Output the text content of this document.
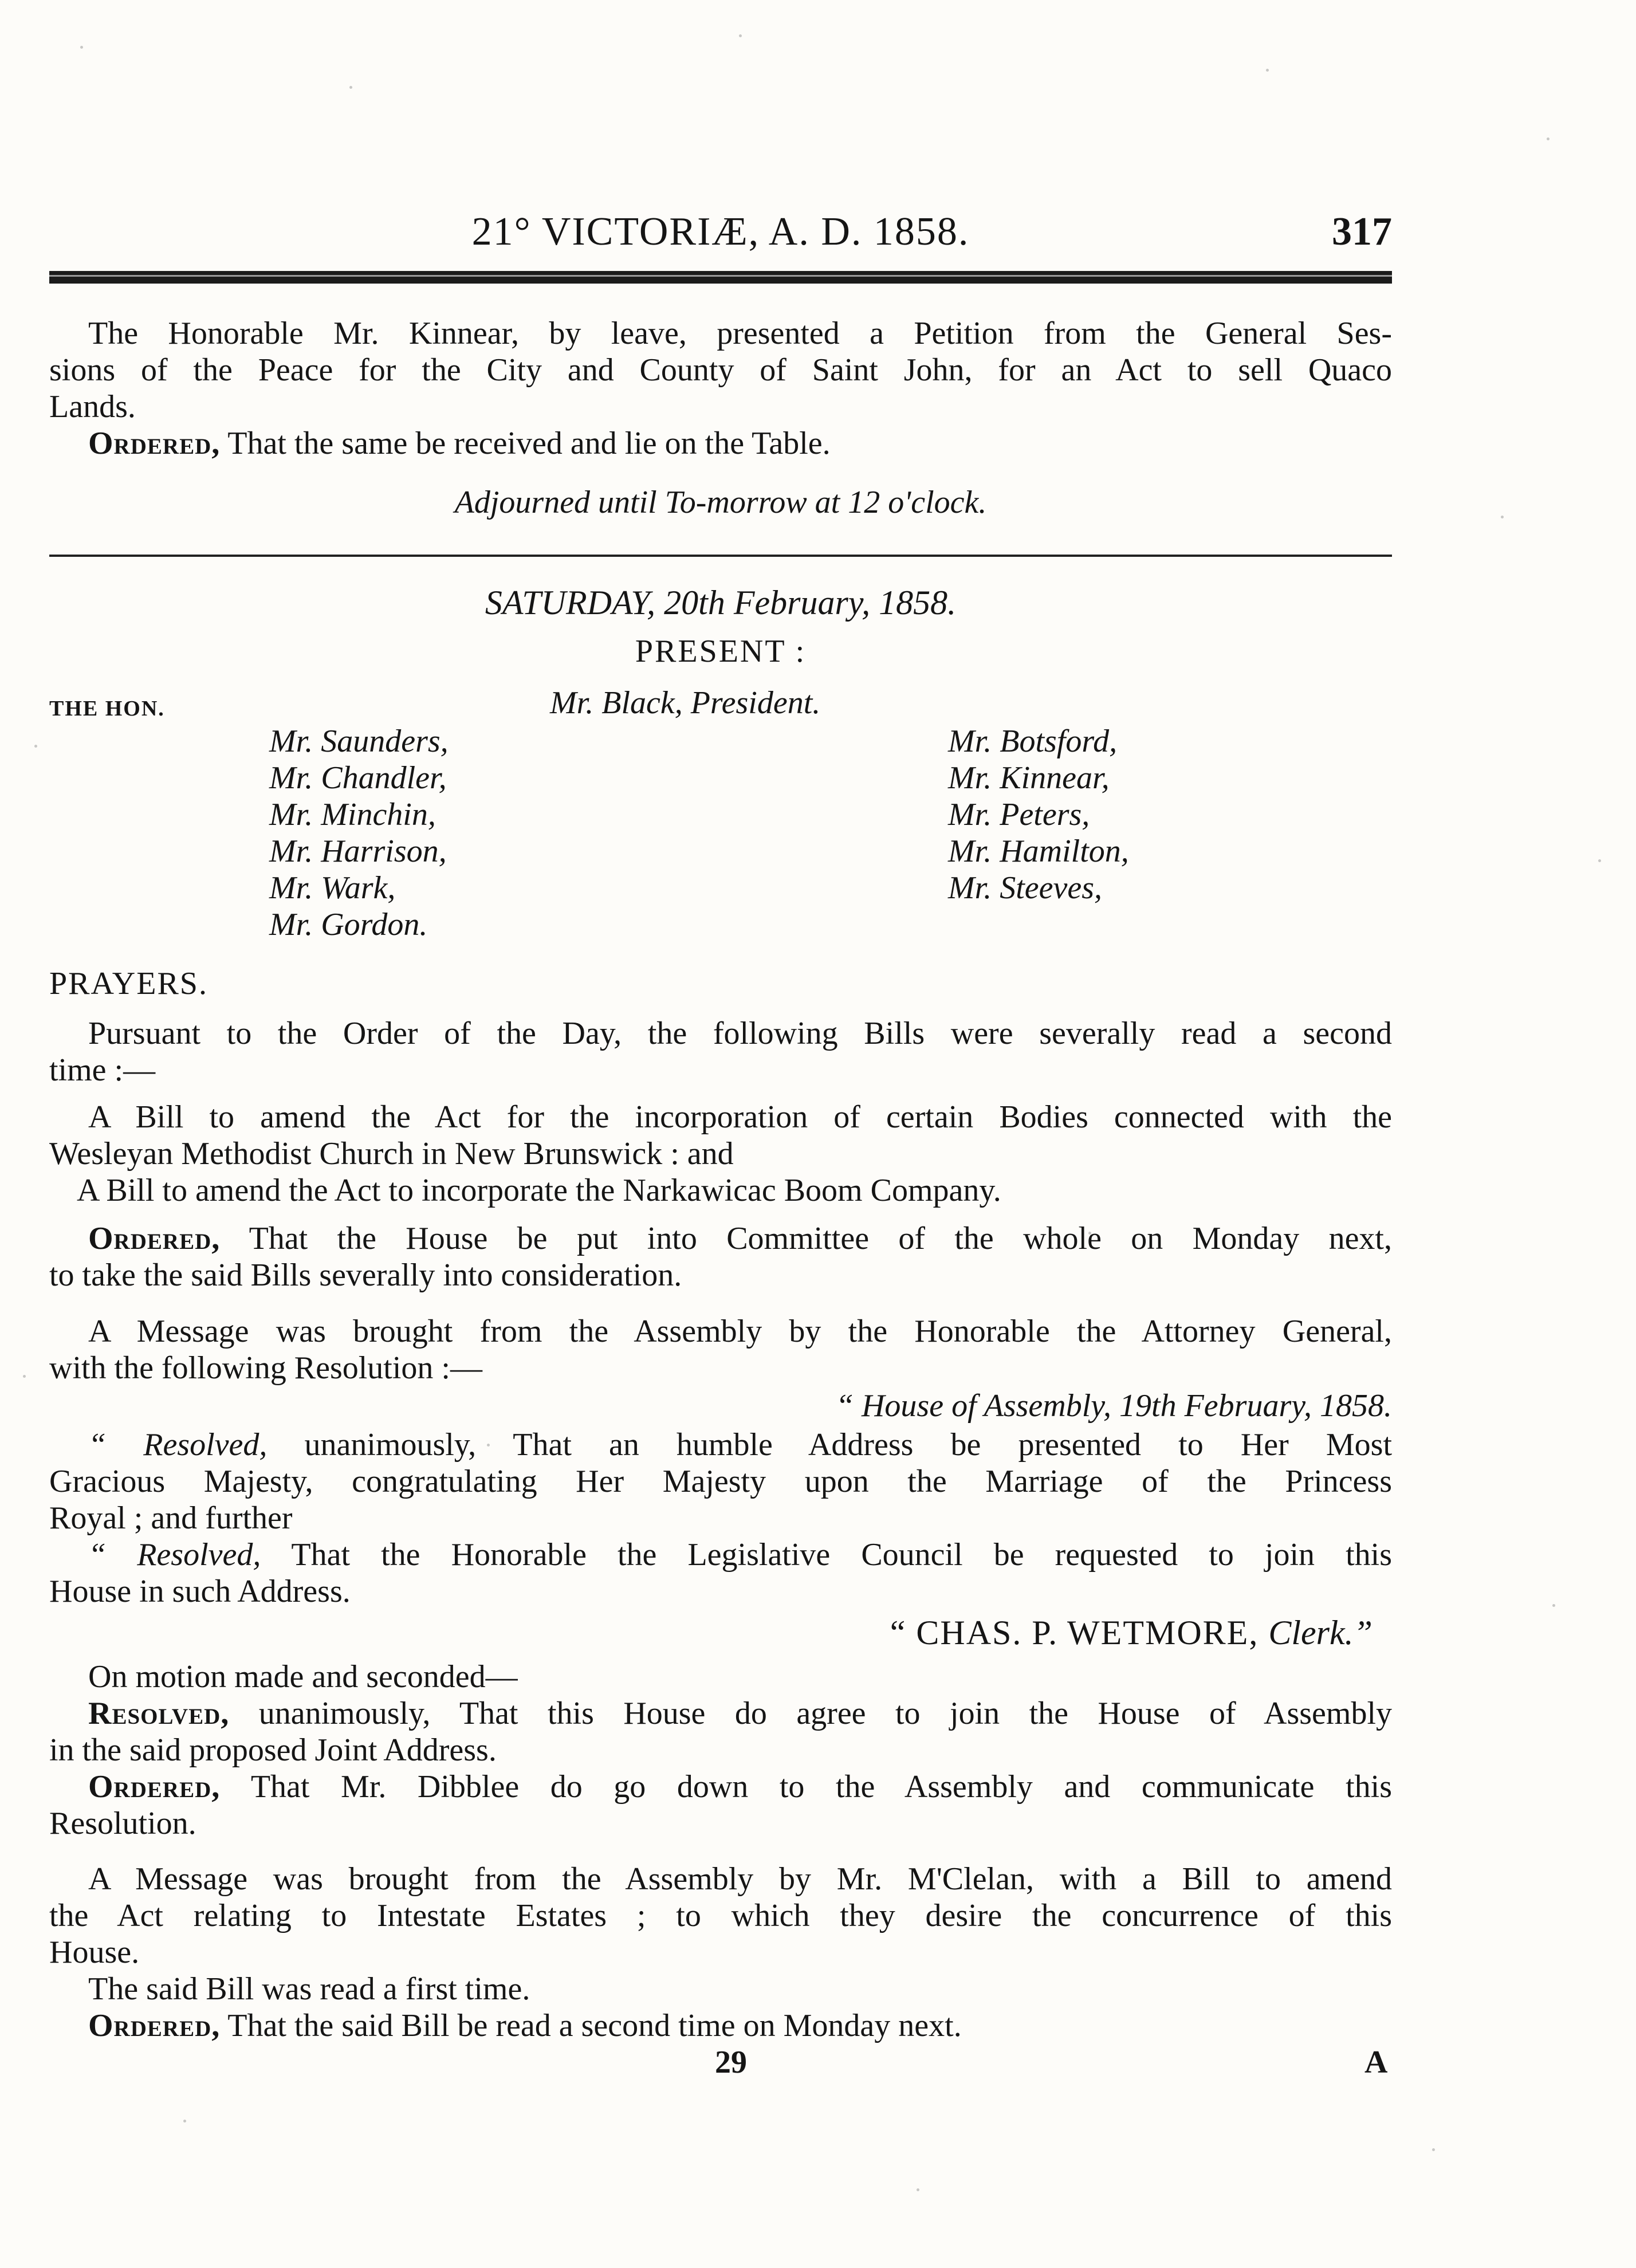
21° VICTORIÆ, A. D. 1858.	317
The Honorable Mr. Kinnear, by leave, presented a Petition from the General Ses-
sions of the Peace for the City and County of Saint John, for an Act to sell Quaco
Lands.
Ordered, That the same be received and lie on the Table.
Adjourned until To-morrow at 12 o'clock.
SATURDAY, 20th February, 1858.
PRESENT :
THE HON.	Mr. Black, President.
Mr. Saunders,
Mr. Chandler,
Mr. Minchin,
Mr. Harrison,
Mr. Wark,
Mr. Gordon.
Mr. Botsford,
Mr. Kinnear,
Mr. Peters,
Mr. Hamilton,
Mr. Steeves,
PRAYERS.
Pursuant to the Order of the Day, the following Bills were severally read a second
time :—
A Bill to amend the Act for the incorporation of certain Bodies connected with the
Wesleyan Methodist Church in New Brunswick : and
A Bill to amend the Act to incorporate the Narkawicac Boom Company.
Ordered, That the House be put into Committee of the whole on Monday next,
to take the said Bills severally into consideration.
A Message was brought from the Assembly by the Honorable the Attorney General,
with the following Resolution :—
“ House of Assembly, 19th February, 1858.
“ Resolved, unanimously, That an humble Address be presented to Her Most
Gracious Majesty, congratulating Her Majesty upon the Marriage of the Princess
Royal ; and further
“ Resolved, That the Honorable the Legislative Council be requested to join this
House in such Address.
“ CHAS. P. WETMORE, Clerk.”
On motion made and seconded—
Resolved, unanimously, That this House do agree to join the House of Assembly
in the said proposed Joint Address.
Ordered, That Mr. Dibblee do go down to the Assembly and communicate this
Resolution.
A Message was brought from the Assembly by Mr. M'Clelan, with a Bill to amend
the Act relating to Intestate Estates ; to which they desire the concurrence of this
House.
The said Bill was read a first time.
Ordered, That the said Bill be read a second time on Monday next.
29	A
